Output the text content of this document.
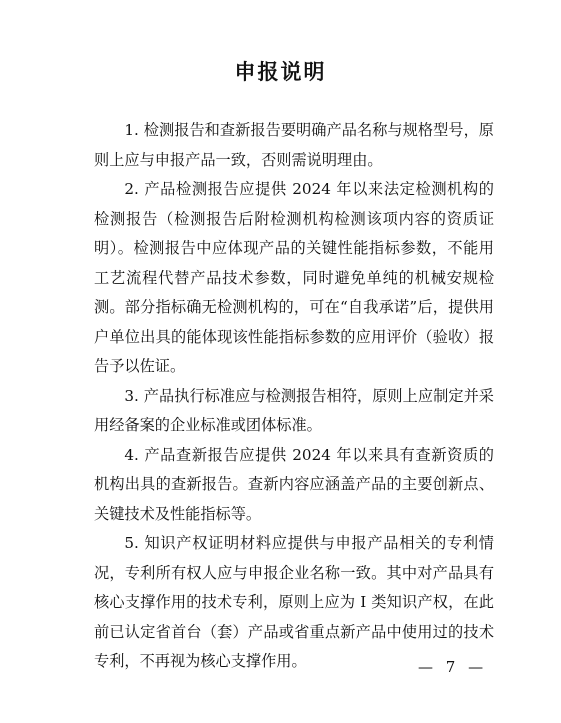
申报说明

1. 检测报告和查新报告要明确产品名称与规格型号，原则上应与申报产品一致，否则需说明理由。

2. 产品检测报告应提供 2024 年以来法定检测机构的检测报告（检测报告后附检测机构检测该项内容的资质证明）。检测报告中应体现产品的关键性能指标参数，不能用工艺流程代替产品技术参数，同时避免单纯的机械安规检测。部分指标确无检测机构的，可在“自我承诺”后，提供用户单位出具的能体现该性能指标参数的应用评价（验收）报告予以佐证。

3. 产品执行标准应与检测报告相符，原则上应制定并采用经备案的企业标准或团体标准。

4. 产品查新报告应提供 2024 年以来具有查新资质的机构出具的查新报告。查新内容应涵盖产品的主要创新点、关键技术及性能指标等。

5. 知识产权证明材料应提供与申报产品相关的专利情况，专利所有权人应与申报企业名称一致。其中对产品具有核心支撑作用的技术专利，原则上应为 I 类知识产权，在此前已认定省首台（套）产品或省重点新产品中使用过的技术专利，不再视为核心支撑作用。	— 7 —
